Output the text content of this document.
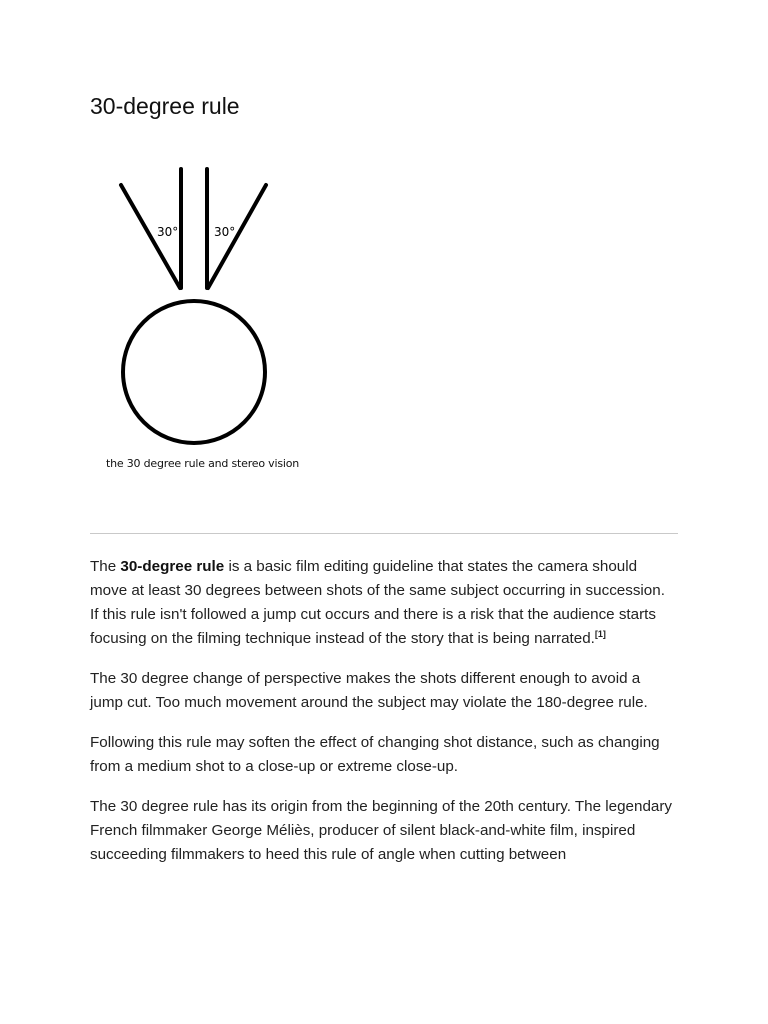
30-degree rule
30°	30°
the 30 degree rule and stereo vision

The 30-degree rule is a basic film editing guideline that states the camera should move at least 30 degrees between shots of the same subject occurring in succession. If this rule isn't followed a jump cut occurs and there is a risk that the audience starts focusing on the filming technique instead of the story that is being narrated.[1]

The 30 degree change of perspective makes the shots different enough to avoid a jump cut. Too much movement around the subject may violate the 180-degree rule.

Following this rule may soften the effect of changing shot distance, such as changing from a medium shot to a close-up or extreme close-up.

The 30 degree rule has its origin from the beginning of the 20th century. The legendary French filmmaker George Méliès, producer of silent black-and-white film, inspired succeeding filmmakers to heed this rule of angle when cutting between
